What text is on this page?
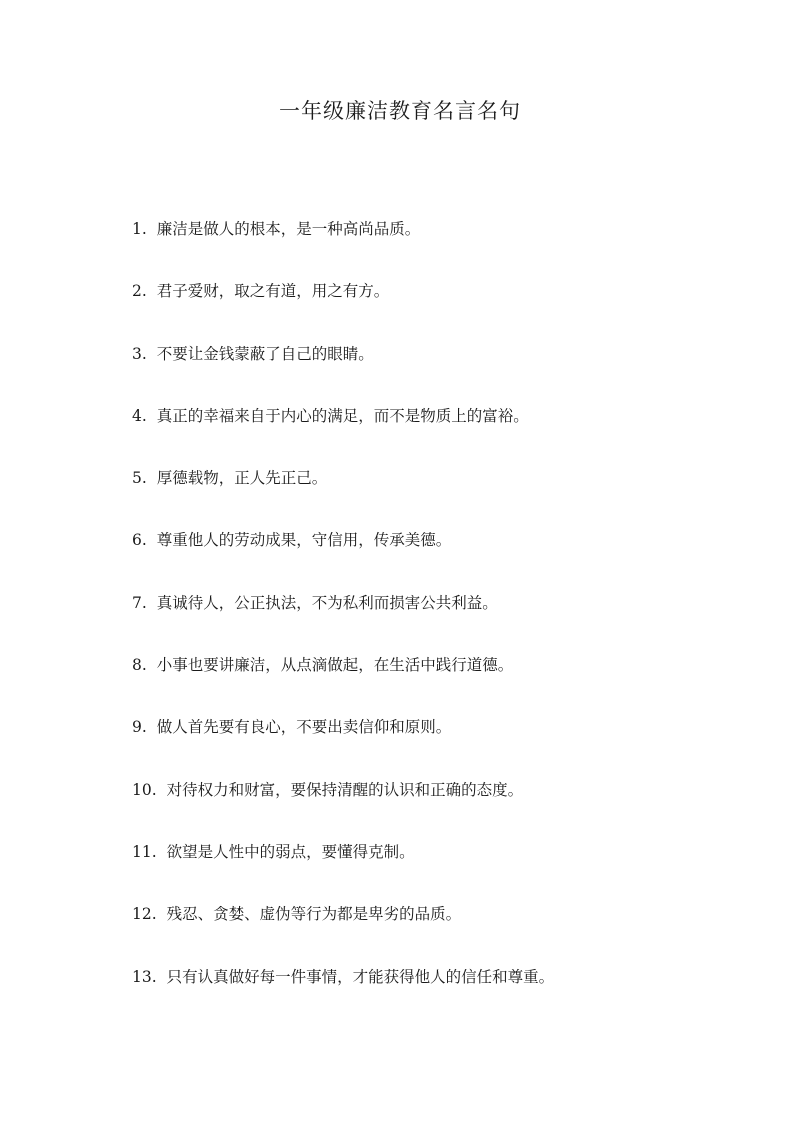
一年级廉洁教育名言名句
1. 廉洁是做人的根本，是一种高尚品质。
2. 君子爱财，取之有道，用之有方。
3. 不要让金钱蒙蔽了自己的眼睛。
4. 真正的幸福来自于内心的满足，而不是物质上的富裕。
5. 厚德载物，正人先正己。
6. 尊重他人的劳动成果，守信用，传承美德。
7. 真诚待人，公正执法，不为私利而损害公共利益。
8. 小事也要讲廉洁，从点滴做起，在生活中践行道德。
9. 做人首先要有良心，不要出卖信仰和原则。
10. 对待权力和财富，要保持清醒的认识和正确的态度。
11. 欲望是人性中的弱点，要懂得克制。
12. 残忍、贪婪、虚伪等行为都是卑劣的品质。
13. 只有认真做好每一件事情，才能获得他人的信任和尊重。
